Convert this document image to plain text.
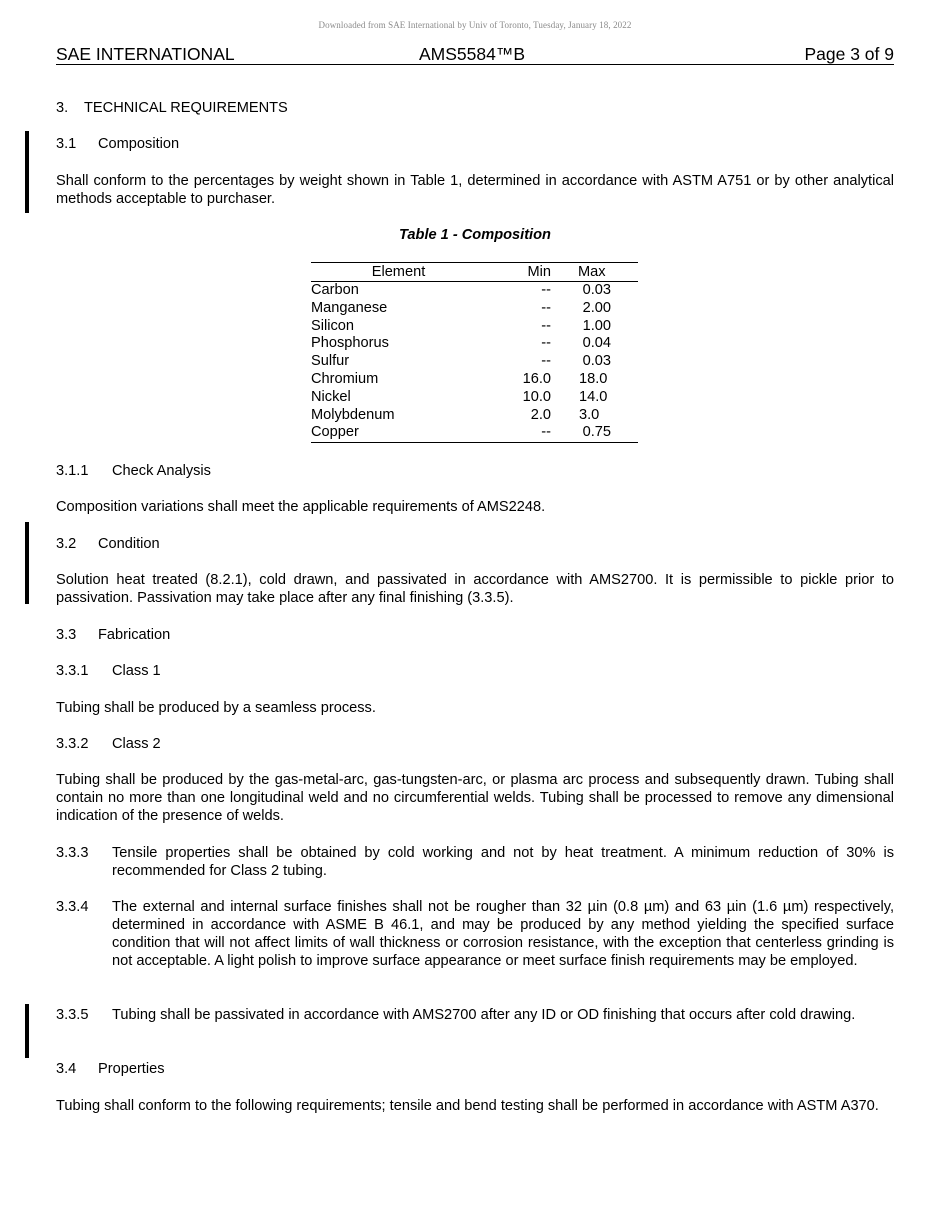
Downloaded from SAE International by Univ of Toronto, Tuesday, January 18, 2022
SAE INTERNATIONAL	AMS5584™B	Page 3 of 9
3. TECHNICAL REQUIREMENTS
3.1 Composition
Shall conform to the percentages by weight shown in Table 1, determined in accordance with ASTM A751 or by other analytical methods acceptable to purchaser.
Table 1 - Composition
Element	Min	Max
Carbon	--	0.03
Manganese	--	2.00
Silicon	--	1.00
Phosphorus	--	0.04
Sulfur	--	0.03
Chromium	16.0	18.0
Nickel	10.0	14.0
Molybdenum	2.0	3.0
Copper	--	0.75
3.1.1 Check Analysis
Composition variations shall meet the applicable requirements of AMS2248.
3.2 Condition
Solution heat treated (8.2.1), cold drawn, and passivated in accordance with AMS2700. It is permissible to pickle prior to passivation. Passivation may take place after any final finishing (3.3.5).
3.3 Fabrication
3.3.1 Class 1
Tubing shall be produced by a seamless process.
3.3.2 Class 2
Tubing shall be produced by the gas-metal-arc, gas-tungsten-arc, or plasma arc process and subsequently drawn. Tubing shall contain no more than one longitudinal weld and no circumferential welds. Tubing shall be processed to remove any dimensional indication of the presence of welds.
3.3.3 Tensile properties shall be obtained by cold working and not by heat treatment. A minimum reduction of 30% is recommended for Class 2 tubing.
3.3.4 The external and internal surface finishes shall not be rougher than 32 µin (0.8 µm) and 63 µin (1.6 µm) respectively, determined in accordance with ASME B 46.1, and may be produced by any method yielding the specified surface condition that will not affect limits of wall thickness or corrosion resistance, with the exception that centerless grinding is not acceptable. A light polish to improve surface appearance or meet surface finish requirements may be employed.
3.3.5 Tubing shall be passivated in accordance with AMS2700 after any ID or OD finishing that occurs after cold drawing.
3.4 Properties
Tubing shall conform to the following requirements; tensile and bend testing shall be performed in accordance with ASTM A370.
